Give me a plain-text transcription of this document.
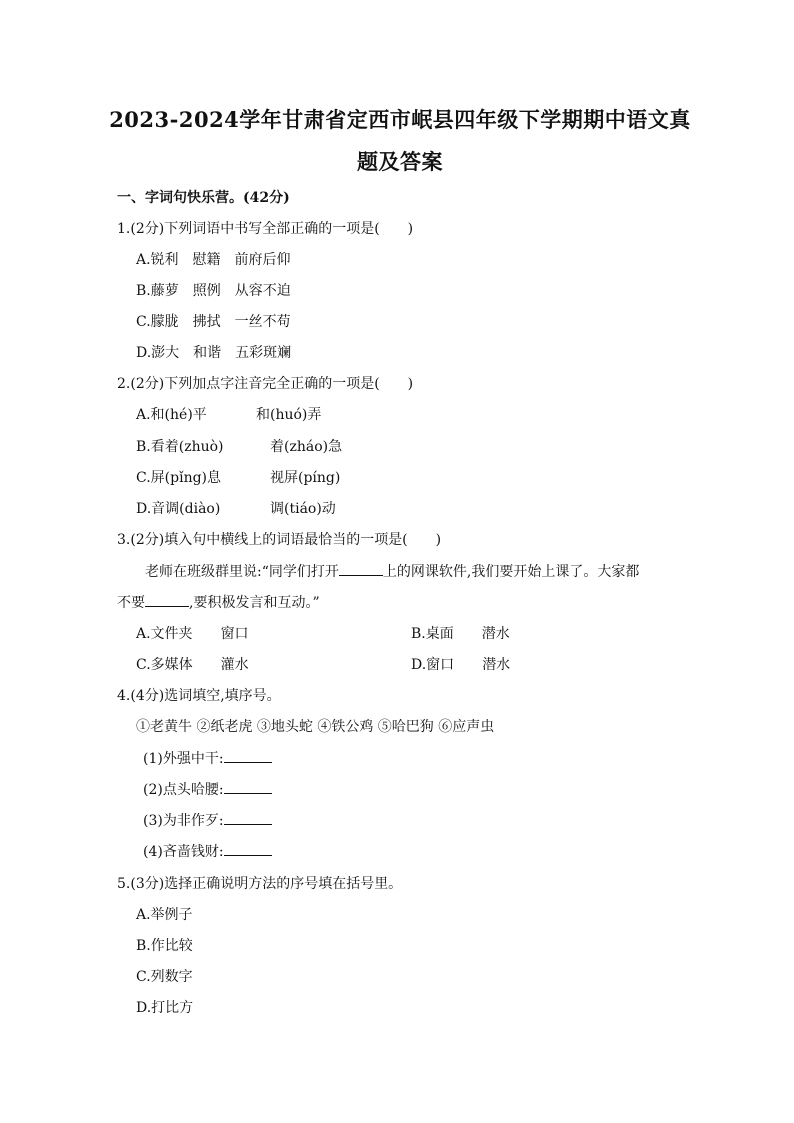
2023-2024学年甘肃省定西市岷县四年级下学期期中语文真
题及答案
一、字词句快乐营。(42分)
1.(2分)下列词语中书写全部正确的一项是(　　)
A.锐利　慰籍　前府后仰
B.藤萝　照例　从容不迫
C.朦胧　拂拭　一丝不苟
D.澎大　和谐　五彩斑斓
2.(2分)下列加点字注音完全正确的一项是(　　)
A.和(hé)平	和(huó)弄
B.看着(zhuò)	着(zháo)急
C.屏(pǐng)息	视屏(píng)
D.音调(diào)	调(tiáo)动
3.(2分)填入句中横线上的词语最恰当的一项是(　　)
老师在班级群里说:“同学们打开	上的网课软件,我们要开始上课了。大家都
不要	,要积极发言和互动。”
A.文件夹 窗口	B.桌面 潜水
C.多媒体 灌水	D.窗口 潜水
4.(4分)选词填空,填序号。
①老黄牛 ②纸老虎 ③地头蛇 ④铁公鸡 ⑤哈巴狗 ⑥应声虫
(1)外强中干:
(2)点头哈腰:
(3)为非作歹:
(4)吝啬钱财:
5.(3分)选择正确说明方法的序号填在括号里。
A.举例子
B.作比较
C.列数字
D.打比方
